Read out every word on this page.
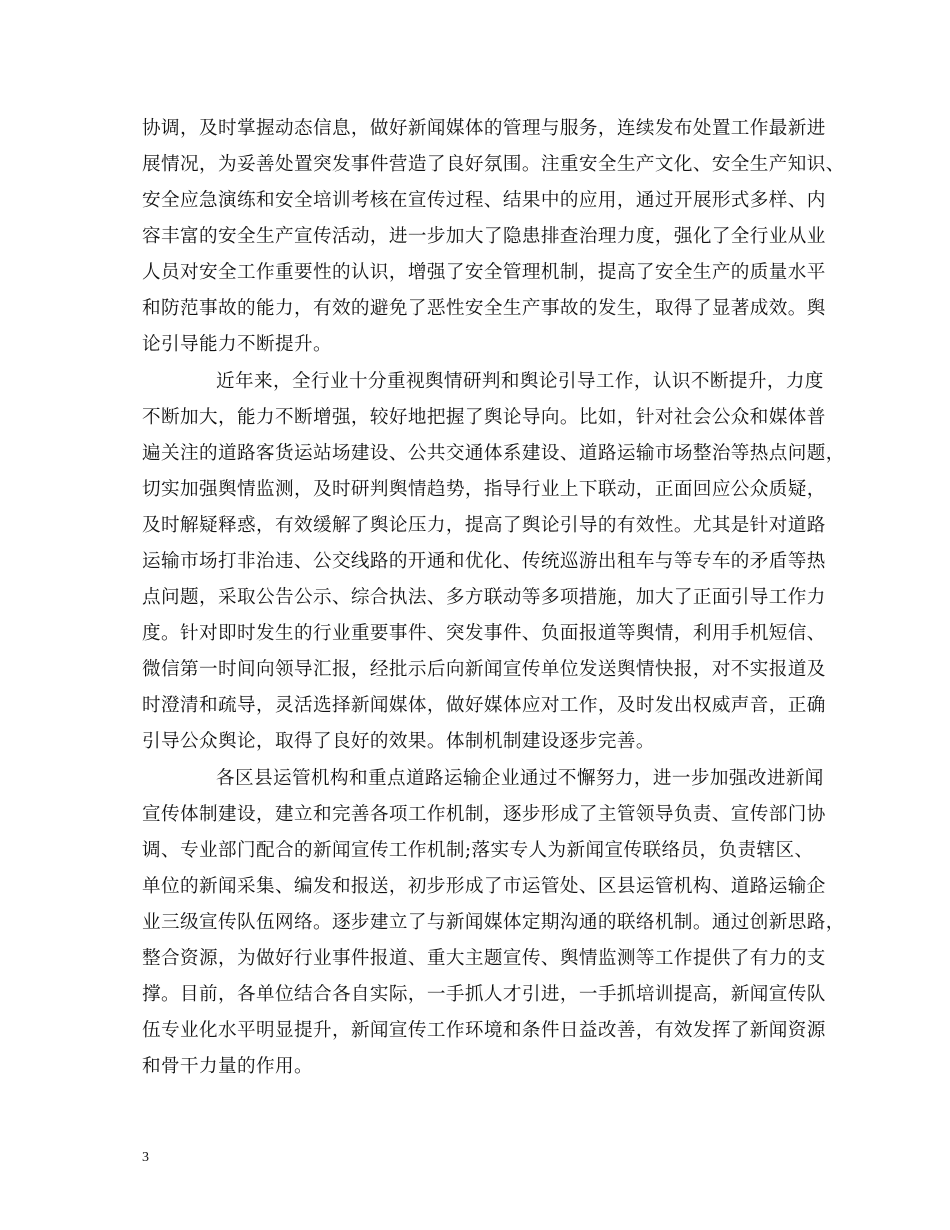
协调，及时掌握动态信息，做好新闻媒体的管理与服务，连续发布处置工作最新进
展情况，为妥善处置突发事件营造了良好氛围。注重安全生产文化、安全生产知识、
安全应急演练和安全培训考核在宣传过程、结果中的应用，通过开展形式多样、内
容丰富的安全生产宣传活动，进一步加大了隐患排查治理力度，强化了全行业从业
人员对安全工作重要性的认识，增强了安全管理机制，提高了安全生产的质量水平
和防范事故的能力，有效的避免了恶性安全生产事故的发生，取得了显著成效。舆
论引导能力不断提升。
近年来，全行业十分重视舆情研判和舆论引导工作，认识不断提升，力度
不断加大，能力不断增强，较好地把握了舆论导向。比如，针对社会公众和媒体普
遍关注的道路客货运站场建设、公共交通体系建设、道路运输市场整治等热点问题，
切实加强舆情监测，及时研判舆情趋势，指导行业上下联动，正面回应公众质疑，
及时解疑释惑，有效缓解了舆论压力，提高了舆论引导的有效性。尤其是针对道路
运输市场打非治违、公交线路的开通和优化、传统巡游出租车与等专车的矛盾等热
点问题，采取公告公示、综合执法、多方联动等多项措施，加大了正面引导工作力
度。针对即时发生的行业重要事件、突发事件、负面报道等舆情，利用手机短信、
微信第一时间向领导汇报，经批示后向新闻宣传单位发送舆情快报，对不实报道及
时澄清和疏导，灵活选择新闻媒体，做好媒体应对工作，及时发出权威声音，正确
引导公众舆论，取得了良好的效果。体制机制建设逐步完善。
各区县运管机构和重点道路运输企业通过不懈努力，进一步加强改进新闻
宣传体制建设，建立和完善各项工作机制，逐步形成了主管领导负责、宣传部门协
调、专业部门配合的新闻宣传工作机制;落实专人为新闻宣传联络员，负责辖区、
单位的新闻采集、编发和报送，初步形成了市运管处、区县运管机构、道路运输企
业三级宣传队伍网络。逐步建立了与新闻媒体定期沟通的联络机制。通过创新思路，
整合资源，为做好行业事件报道、重大主题宣传、舆情监测等工作提供了有力的支
撑。目前，各单位结合各自实际，一手抓人才引进，一手抓培训提高，新闻宣传队
伍专业化水平明显提升，新闻宣传工作环境和条件日益改善，有效发挥了新闻资源
和骨干力量的作用。
3
